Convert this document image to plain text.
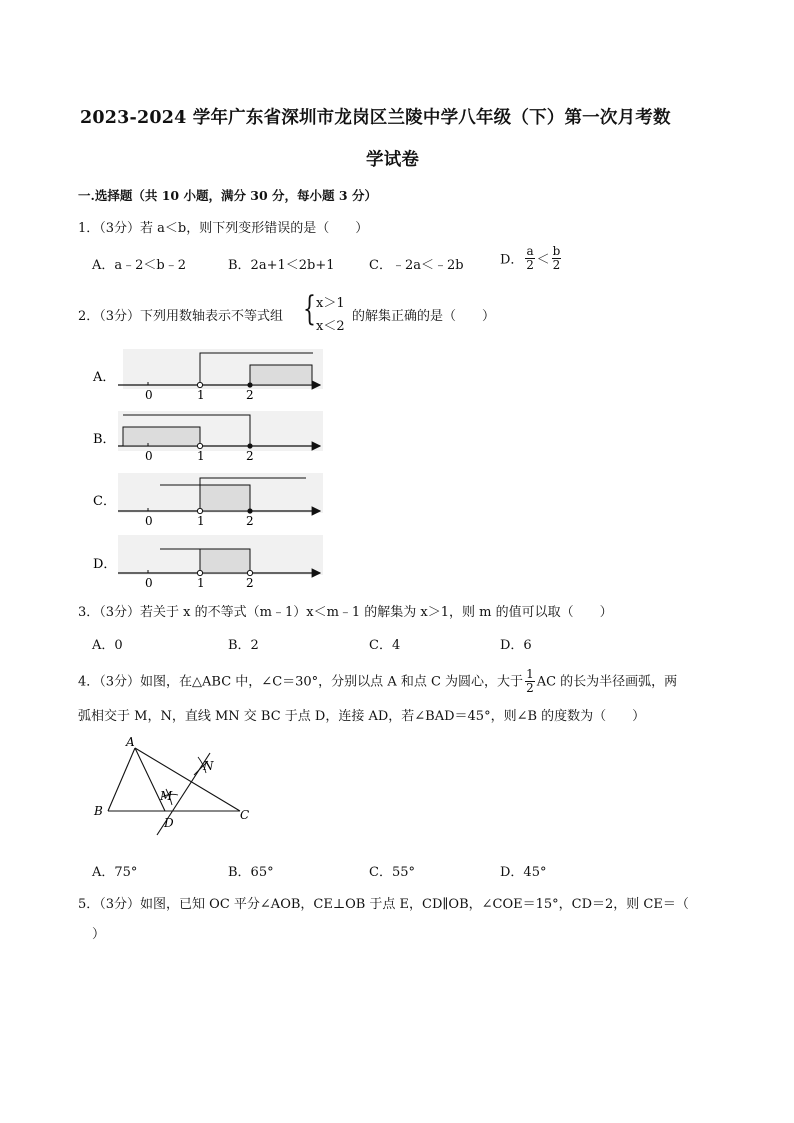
2023-2024 学年广东省深圳市龙岗区兰陵中学八年级（下）第一次月考数
学试卷
一.选择题（共 10 小题，满分 30 分，每小题 3 分）
1．（3分）若 a＜b，则下列变形错误的是（　　）
A．a﹣2＜b﹣2	B．2a+1＜2b+1	C．﹣2a＜﹣2b	D． $\frac{a}{2} < \frac{b}{2}$
2．（3分）下列用数轴表示不等式组 { x＞1
x＜2
的解集正确的是（　　）
A．
0	1	2
B．
0	1	2
C．
0	1	2
D．
0	1	2
3．（3分）若关于 x 的不等式（m﹣1）x＜m﹣1 的解集为 x＞1，则 m 的值可以取（　　）
A．0	B．2	C．4	D．6
4．（3分）如图，在△ABC 中，∠C＝30°，分别以点 A 和点 C 为圆心，大于 $\frac{1}{2}$ AC 的长为半径画弧，两
弧相交于 M，N，直线 MN 交 BC 于点 D，连接 AD，若∠BAD＝45°，则∠B 的度数为（　　）
A
B	C
D
M
N
A．75°	B．65°	C．55°	D．45°
5．（3分）如图，已知 OC 平分∠AOB，CE⊥OB 于点 E，CD∥OB，∠COE＝15°，CD＝2，则 CE＝（
）
